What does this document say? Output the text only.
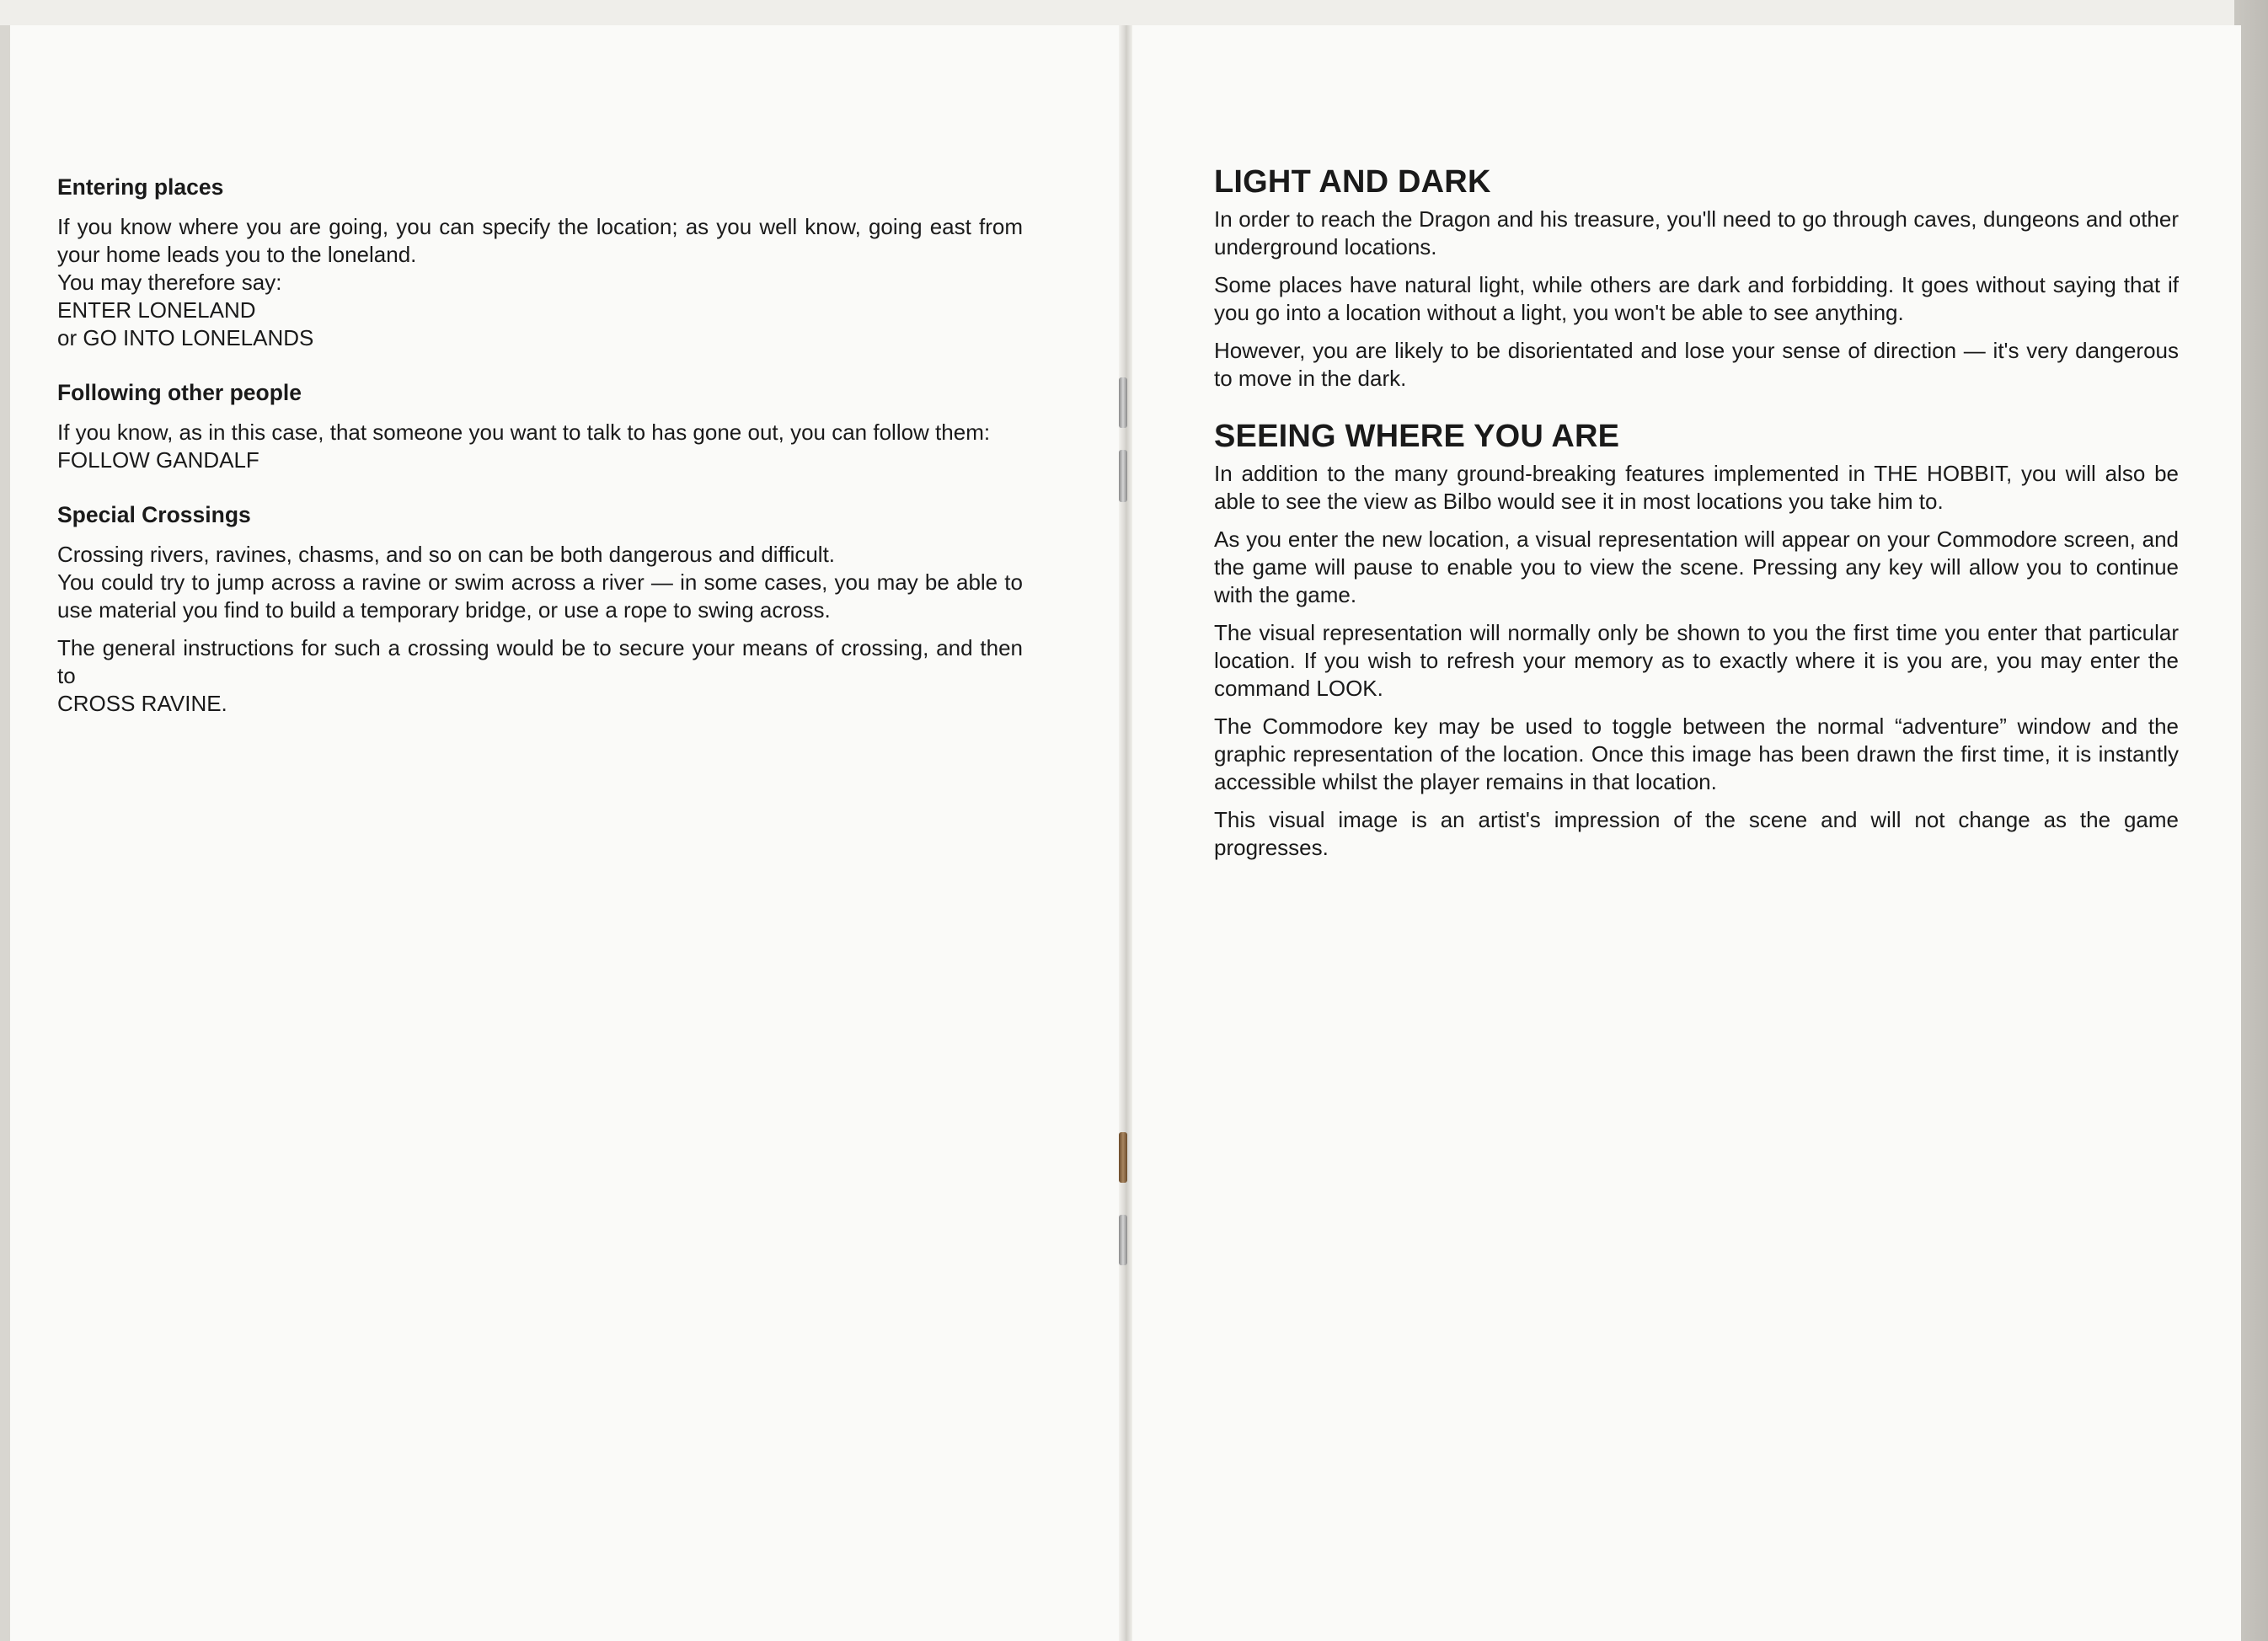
Entering places

If you know where you are going, you can specify the location; as you well know, going east from your home leads you to the loneland.

You may therefore say:

ENTER LONELAND

or GO INTO LONELANDS

Following other people

If you know, as in this case, that someone you want to talk to has gone out, you can follow them:

FOLLOW GANDALF

Special Crossings

Crossing rivers, ravines, chasms, and so on can be both dangerous and difficult.

You could try to jump across a ravine or swim across a river — in some cases, you may be able to use material you find to build a temporary bridge, or use a rope to swing across.

The general instructions for such a crossing would be to secure your means of crossing, and then to

CROSS RAVINE.

LIGHT AND DARK

In order to reach the Dragon and his treasure, you'll need to go through caves, dungeons and other underground locations.

Some places have natural light, while others are dark and forbidding. It goes without saying that if you go into a location without a light, you won't be able to see anything.

However, you are likely to be disorientated and lose your sense of direction — it's very dangerous to move in the dark.

SEEING WHERE YOU ARE

In addition to the many ground-breaking features implemented in THE HOBBIT, you will also be able to see the view as Bilbo would see it in most locations you take him to.

As you enter the new location, a visual representation will appear on your Commodore screen, and the game will pause to enable you to view the scene. Pressing any key will allow you to continue with the game.

The visual representation will normally only be shown to you the first time you enter that particular location. If you wish to refresh your memory as to exactly where it is you are, you may enter the command LOOK.

The Commodore key may be used to toggle between the normal “adventure” window and the graphic representation of the location. Once this image has been drawn the first time, it is instantly accessible whilst the player remains in that location.

This visual image is an artist's impression of the scene and will not change as the game progresses.
